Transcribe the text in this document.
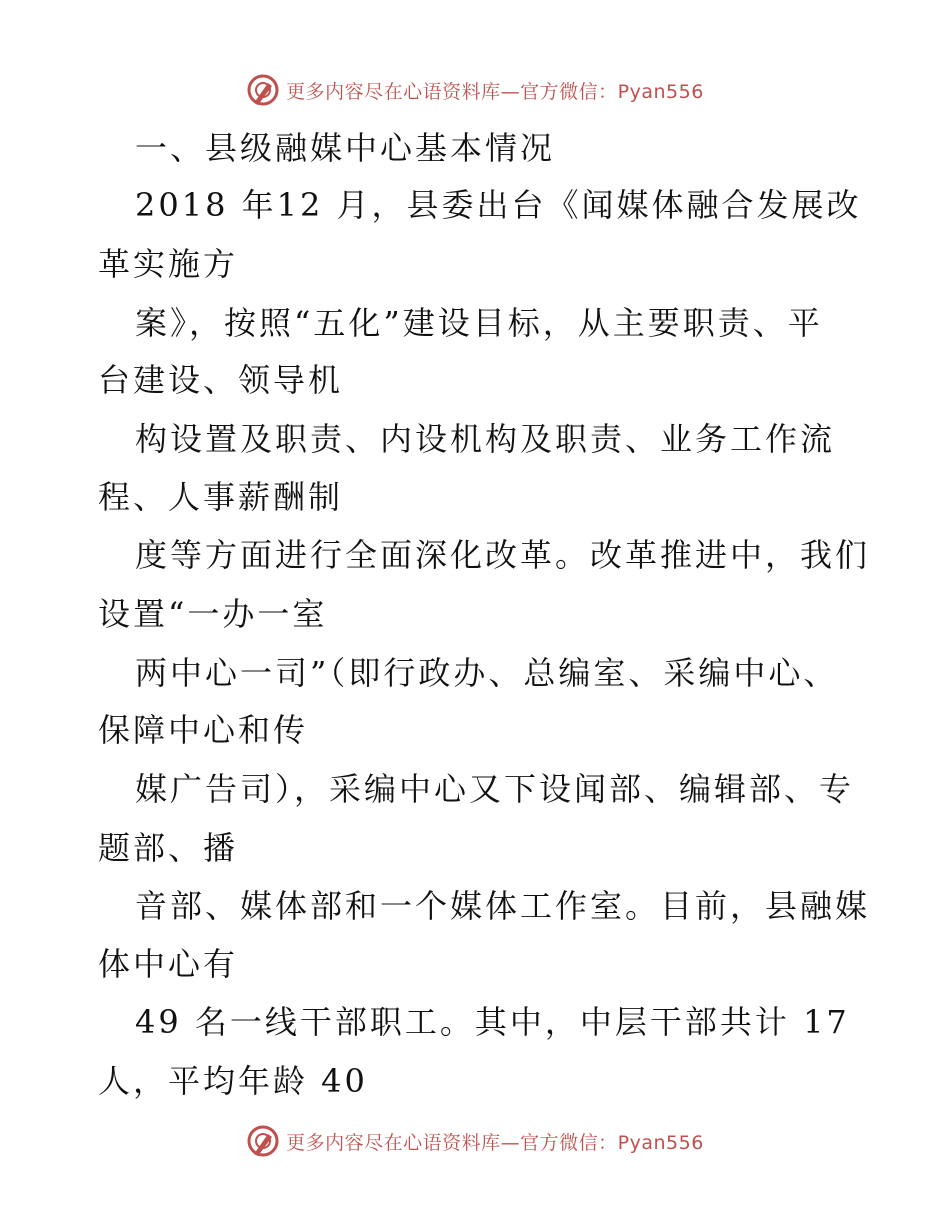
更多内容尽在心语资料库—官方微信：Pyan556
一、县级融媒中心基本情况
2018 年12 月，县委出台《闻媒体融合发展改
革实施方
案》，按照“五化”建设目标，从主要职责、平
台建设、领导机
构设置及职责、内设机构及职责、业务工作流
程、人事薪酬制
度等方面进行全面深化改革。改革推进中，我们
设置“一办一室
两中心一司”（即行政办、总编室、采编中心、
保障中心和传
媒广告司），采编中心又下设闻部、编辑部、专
题部、播
音部、媒体部和一个媒体工作室。目前，县融媒
体中心有
49 名一线干部职工。其中，中层干部共计 17
人，平均年龄 40
更多内容尽在心语资料库—官方微信：Pyan556
